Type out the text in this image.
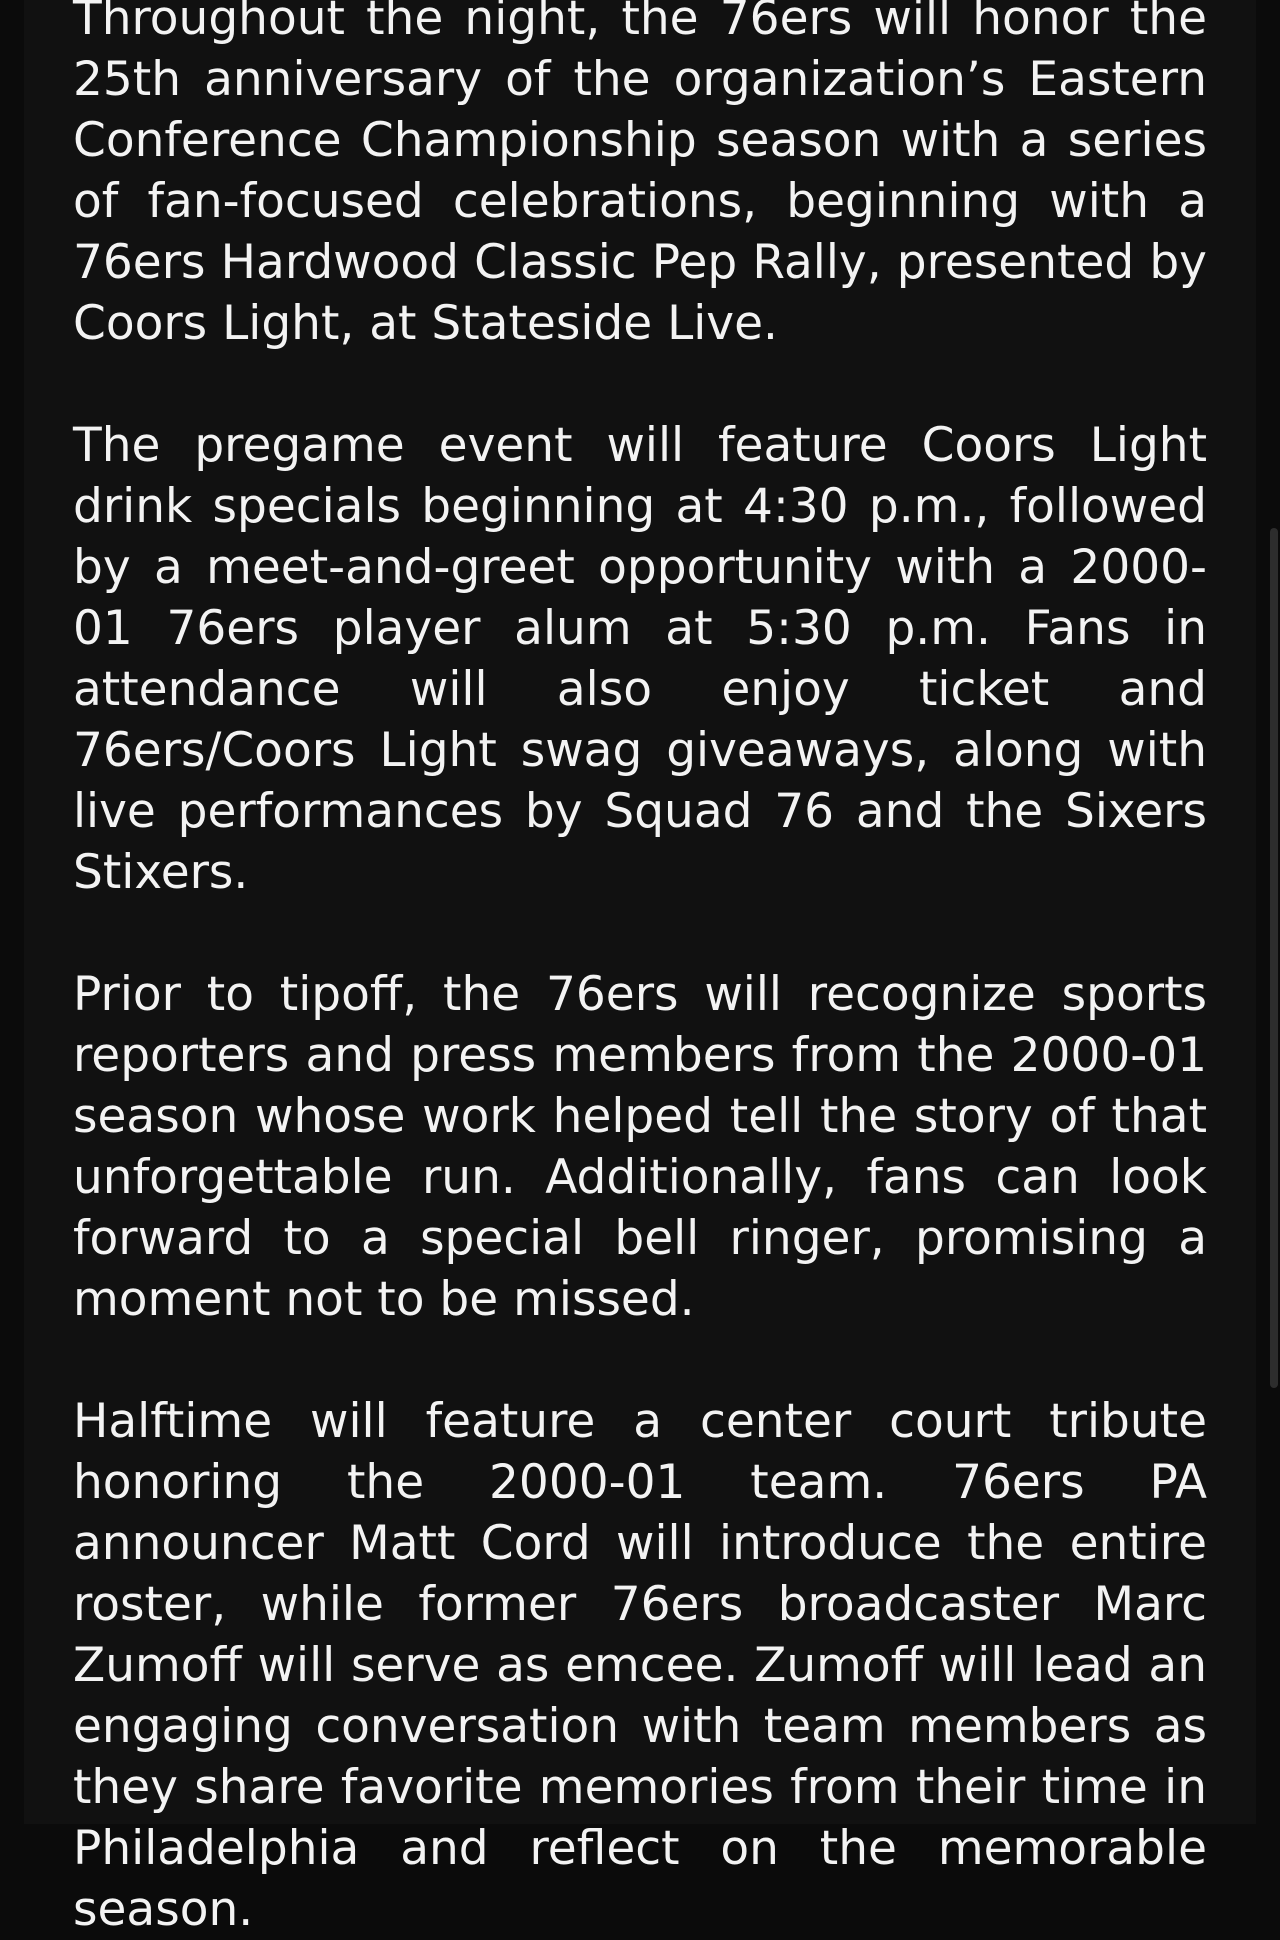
Throughout the night, the 76ers will honor the 25th anniversary of the organization’s Eastern Conference Championship season with a series of fan-focused celebrations, beginning with a 76ers Hardwood Classic Pep Rally, presented by Coors Light, at Stateside Live.

The pregame event will feature Coors Light drink specials beginning at 4:30 p.m., followed by a meet-and-greet opportunity with a 2000-01 76ers player alum at 5:30 p.m. Fans in attendance will also enjoy ticket and 76ers/Coors Light swag giveaways, along with live performances by Squad 76 and the Sixers Stixers.

Prior to tipoff, the 76ers will recognize sports reporters and press members from the 2000-01 season whose work helped tell the story of that unforgettable run. Additionally, fans can look forward to a special bell ringer, promising a moment not to be missed.

Halftime will feature a center court tribute honoring the 2000-01 team. 76ers PA announcer Matt Cord will introduce the entire roster, while former 76ers broadcaster Marc Zumoff will serve as emcee. Zumoff will lead an engaging conversation with team members as they share favorite memories from their time in Philadelphia and reflect on the memorable season.
